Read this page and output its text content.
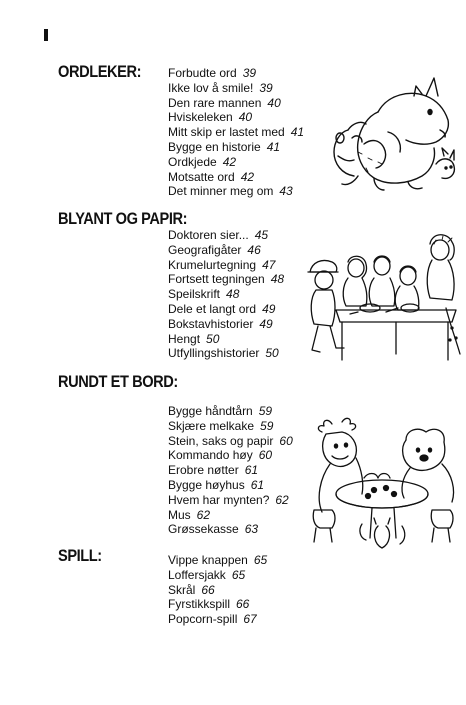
ORDLEKER: Forbudte ord 39
Ikke lov å smile! 39
Den rare mannen 40
Hviskeleken 40
Mitt skip er lastet med 41
Bygge en historie 41
Ordkjede 42
Motsatte ord 42
Det minner meg om 43
BLYANT OG PAPIR:
Doktoren sier... 45
Geografigåter 46
Krumelurtegning 47
Fortsett tegningen 48
Speilskrift 48
Dele et langt ord 49
Bokstavhistorier 49
Hengt 50
Utfyllingshistorier 50
RUNDT ET BORD:
Bygge håndtårn 59
Skjære melkake 59
Stein, saks og papir 60
Kommando høy 60
Erobre nøtter 61
Bygge høyhus 61
Hvem har mynten? 62
Mus 62
Grøssekasse 63
SPILL:	Vippe knappen 65
Loffersjakk 65
Skrål 66
Fyrstikkspill 66
Popcorn-spill 67
